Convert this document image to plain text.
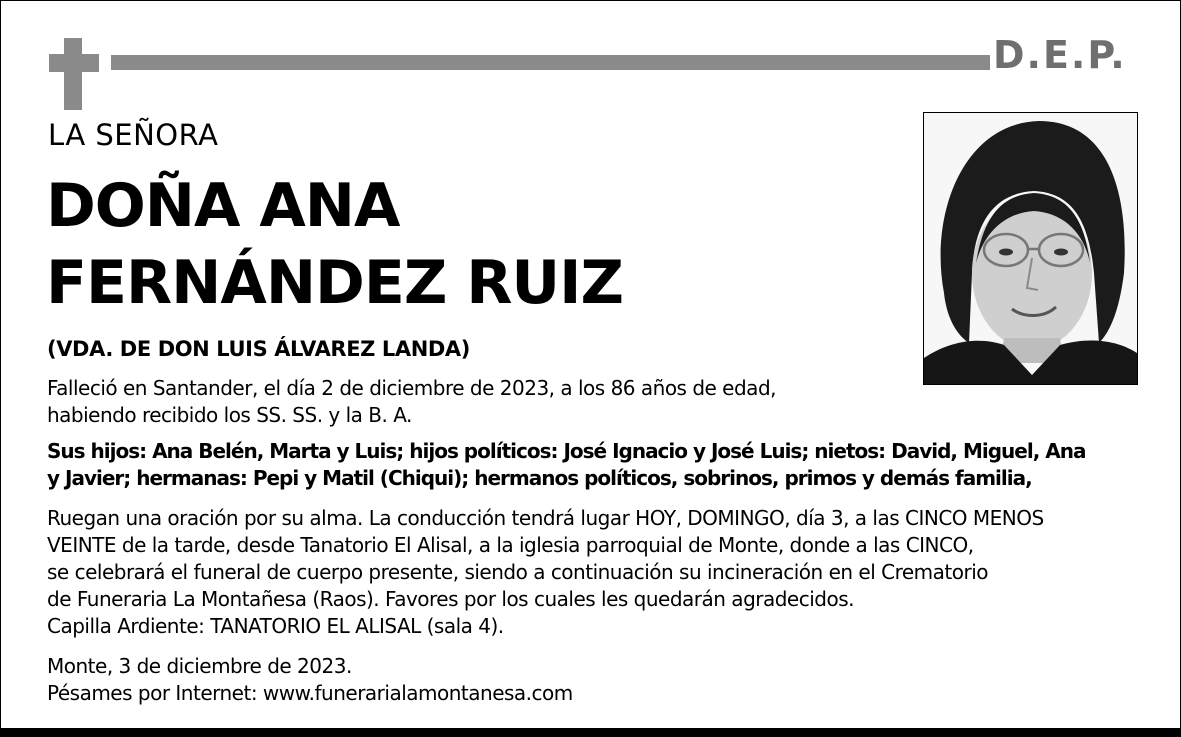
D.E.P.
LA SEÑORA
DOÑA ANA
FERNÁNDEZ RUIZ
(VDA. DE DON LUIS ÁLVAREZ LANDA)
Falleció en Santander, el día 2 de diciembre de 2023, a los 86 años de edad,
habiendo recibido los SS. SS. y la B. A.
Sus hijos: Ana Belén, Marta y Luis; hijos políticos: José Ignacio y José Luis; nietos: David, Miguel, Ana
y Javier; hermanas: Pepi y Matil (Chiqui); hermanos políticos, sobrinos, primos y demás familia,
Ruegan una oración por su alma. La conducción tendrá lugar HOY, DOMINGO, día 3, a las CINCO MENOS
VEINTE de la tarde, desde Tanatorio El Alisal, a la iglesia parroquial de Monte, donde a las CINCO,
se celebrará el funeral de cuerpo presente, siendo a continuación su incineración en el Crematorio
de Funeraria La Montañesa (Raos). Favores por los cuales les quedarán agradecidos.
Capilla Ardiente: TANATORIO EL ALISAL (sala 4).
Monte, 3 de diciembre de 2023.
Pésames por Internet: www.funerarialamontanesa.com
